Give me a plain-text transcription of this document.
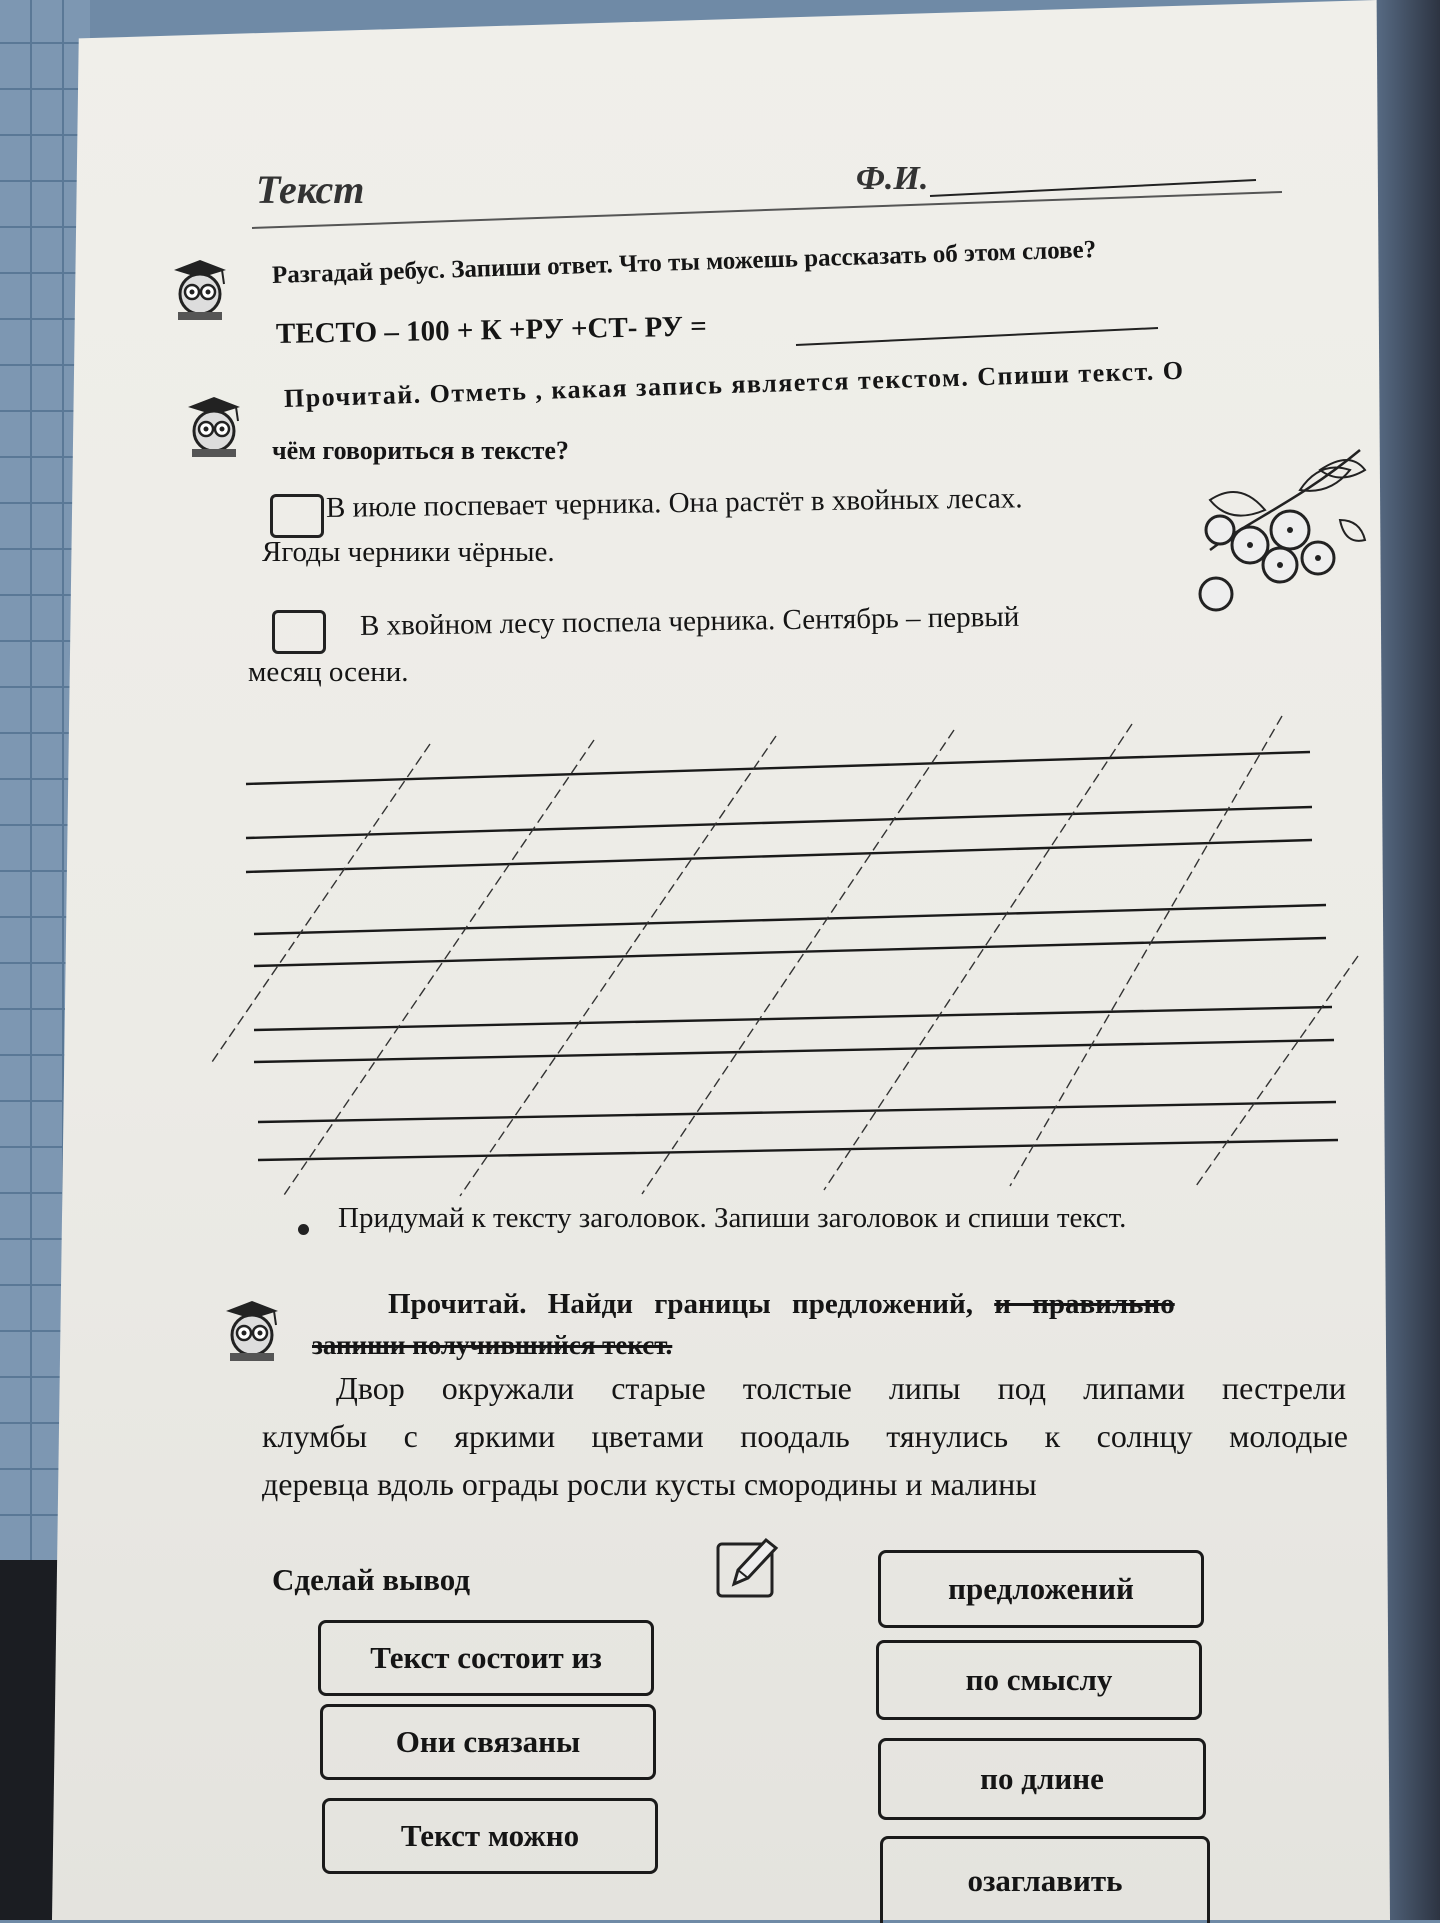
Текст	Ф.И.
Разгадай ребус. Запиши ответ. Что ты можешь рассказать об этом слове?
ТЕСТО – 100 + К +РУ +СТ- РУ =
Прочитай. Отметь , какая запись является текстом. Спиши текст. О
чём говориться в тексте?
В июле поспевает черника. Она растёт в хвойных лесах.
Ягоды черники чёрные.
В хвойном лесу поспела черника. Сентябрь – первый
месяц осени.
Придумай к тексту заголовок. Запиши заголовок и спиши текст.
Прочитай. Найди границы предложений, и правильно
запиши получившийся текст.
Двор окружали старые толстые липы под липами пестрели
клумбы с яркими цветами поодаль тянулись к солнцу молодые
деревца вдоль ограды росли кусты смородины и малины
Сделай вывод
Текст состоит из
Они связаны
Текст можно
предложений
по смыслу
по длине
озаглавить
